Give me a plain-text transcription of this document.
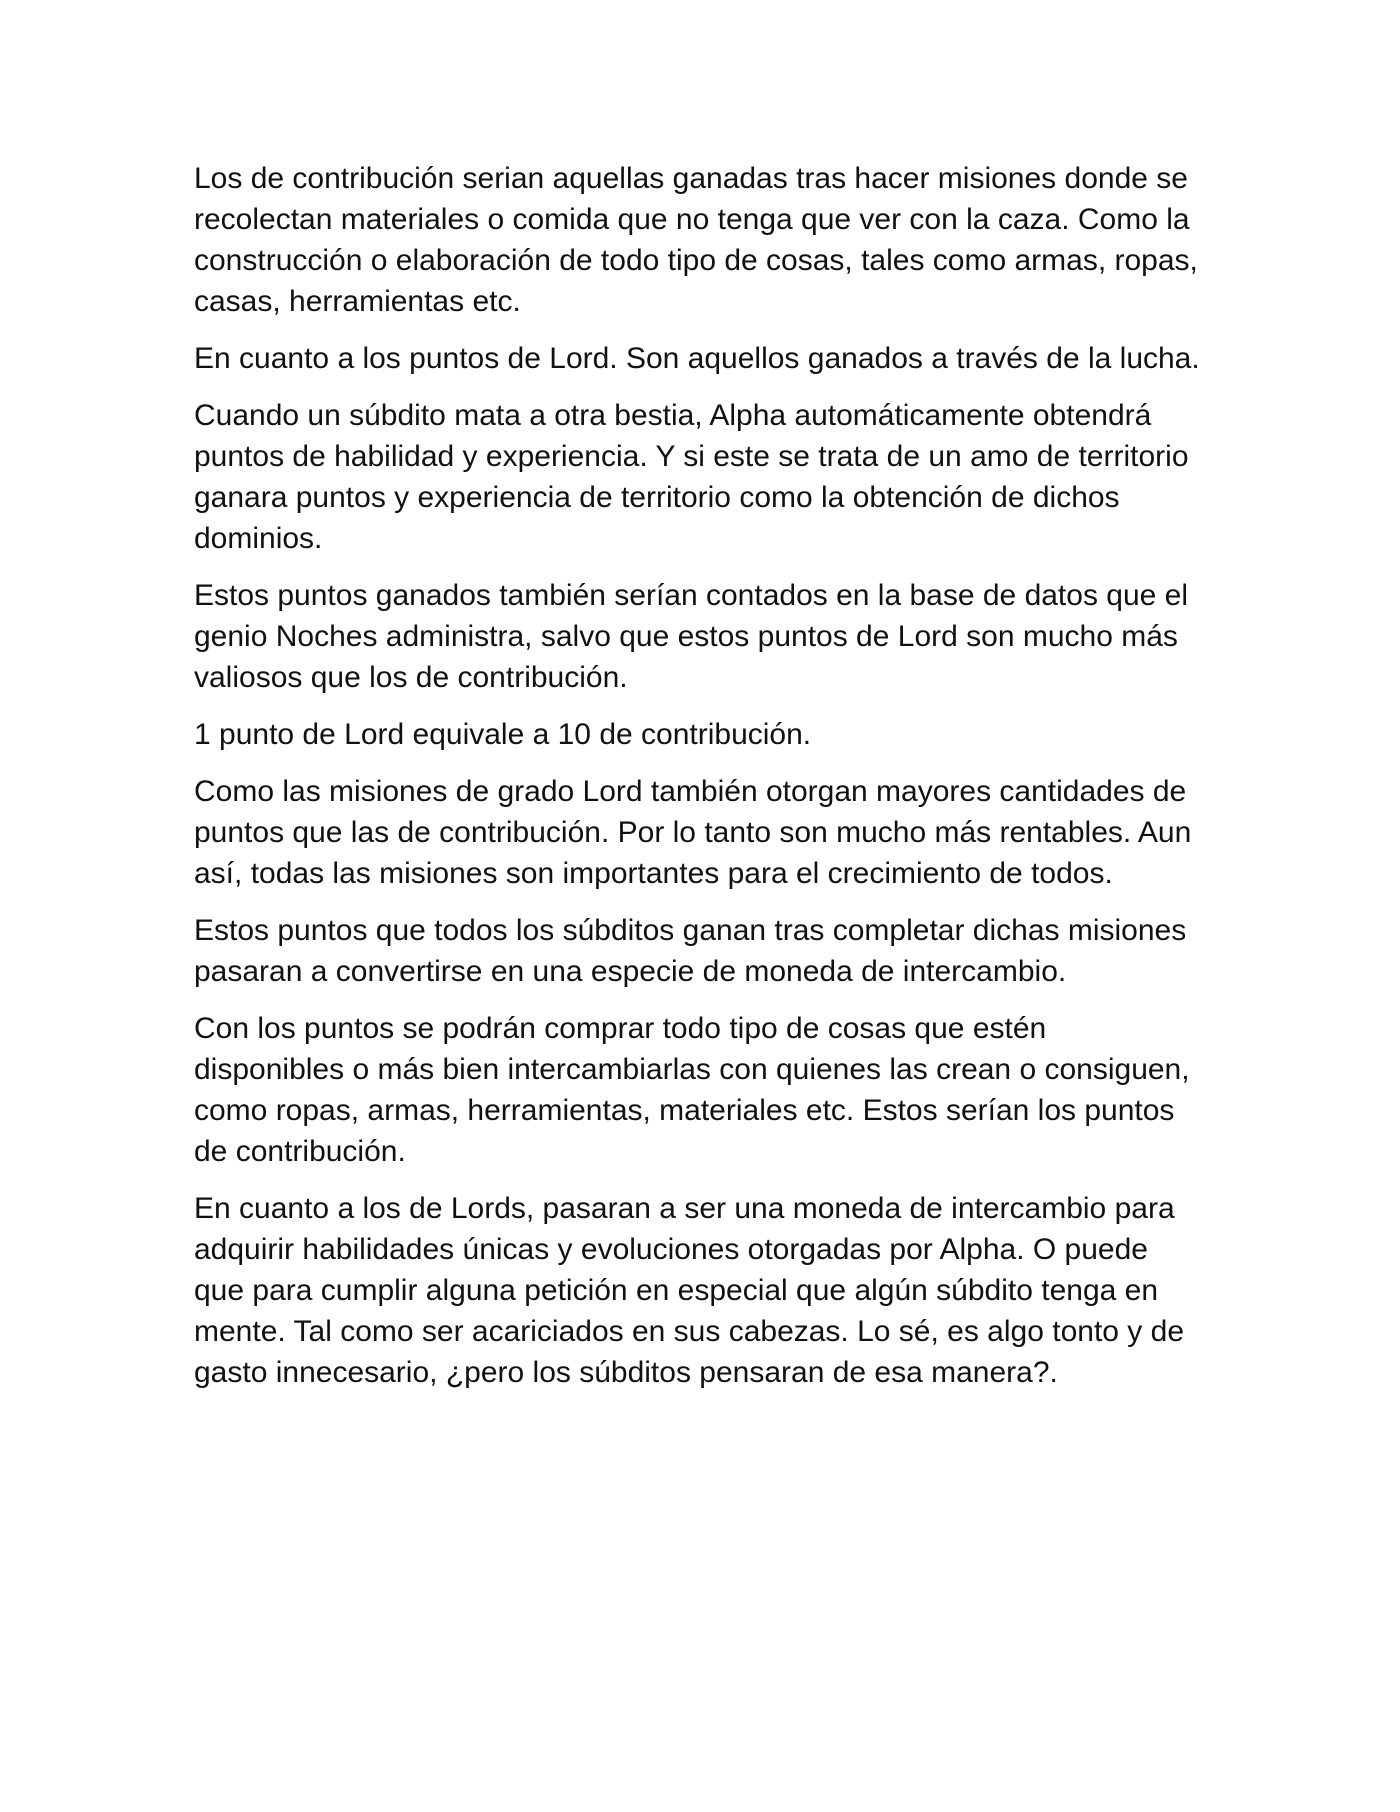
Los de contribución serian aquellas ganadas tras hacer misiones donde se recolectan materiales o comida que no tenga que ver con la caza. Como la construcción o elaboración de todo tipo de cosas, tales como armas, ropas, casas, herramientas etc.

En cuanto a los puntos de Lord. Son aquellos ganados a través de la lucha.

Cuando un súbdito mata a otra bestia, Alpha automáticamente obtendrá puntos de habilidad y experiencia. Y si este se trata de un amo de territorio ganara puntos y experiencia de territorio como la obtención de dichos dominios.

Estos puntos ganados también serían contados en la base de datos que el genio Noches administra, salvo que estos puntos de Lord son mucho más valiosos que los de contribución.

1 punto de Lord equivale a 10 de contribución.

Como las misiones de grado Lord también otorgan mayores cantidades de puntos que las de contribución. Por lo tanto son mucho más rentables. Aun así, todas las misiones son importantes para el crecimiento de todos.

Estos puntos que todos los súbditos ganan tras completar dichas misiones pasaran a convertirse en una especie de moneda de intercambio.

Con los puntos se podrán comprar todo tipo de cosas que estén disponibles o más bien intercambiarlas con quienes las crean o consiguen, como ropas, armas, herramientas, materiales etc. Estos serían los puntos de contribución.

En cuanto a los de Lords, pasaran a ser una moneda de intercambio para adquirir habilidades únicas y evoluciones otorgadas por Alpha. O puede que para cumplir alguna petición en especial que algún súbdito tenga en mente. Tal como ser acariciados en sus cabezas. Lo sé, es algo tonto y de gasto innecesario, ¿pero los súbditos pensaran de esa manera?.
